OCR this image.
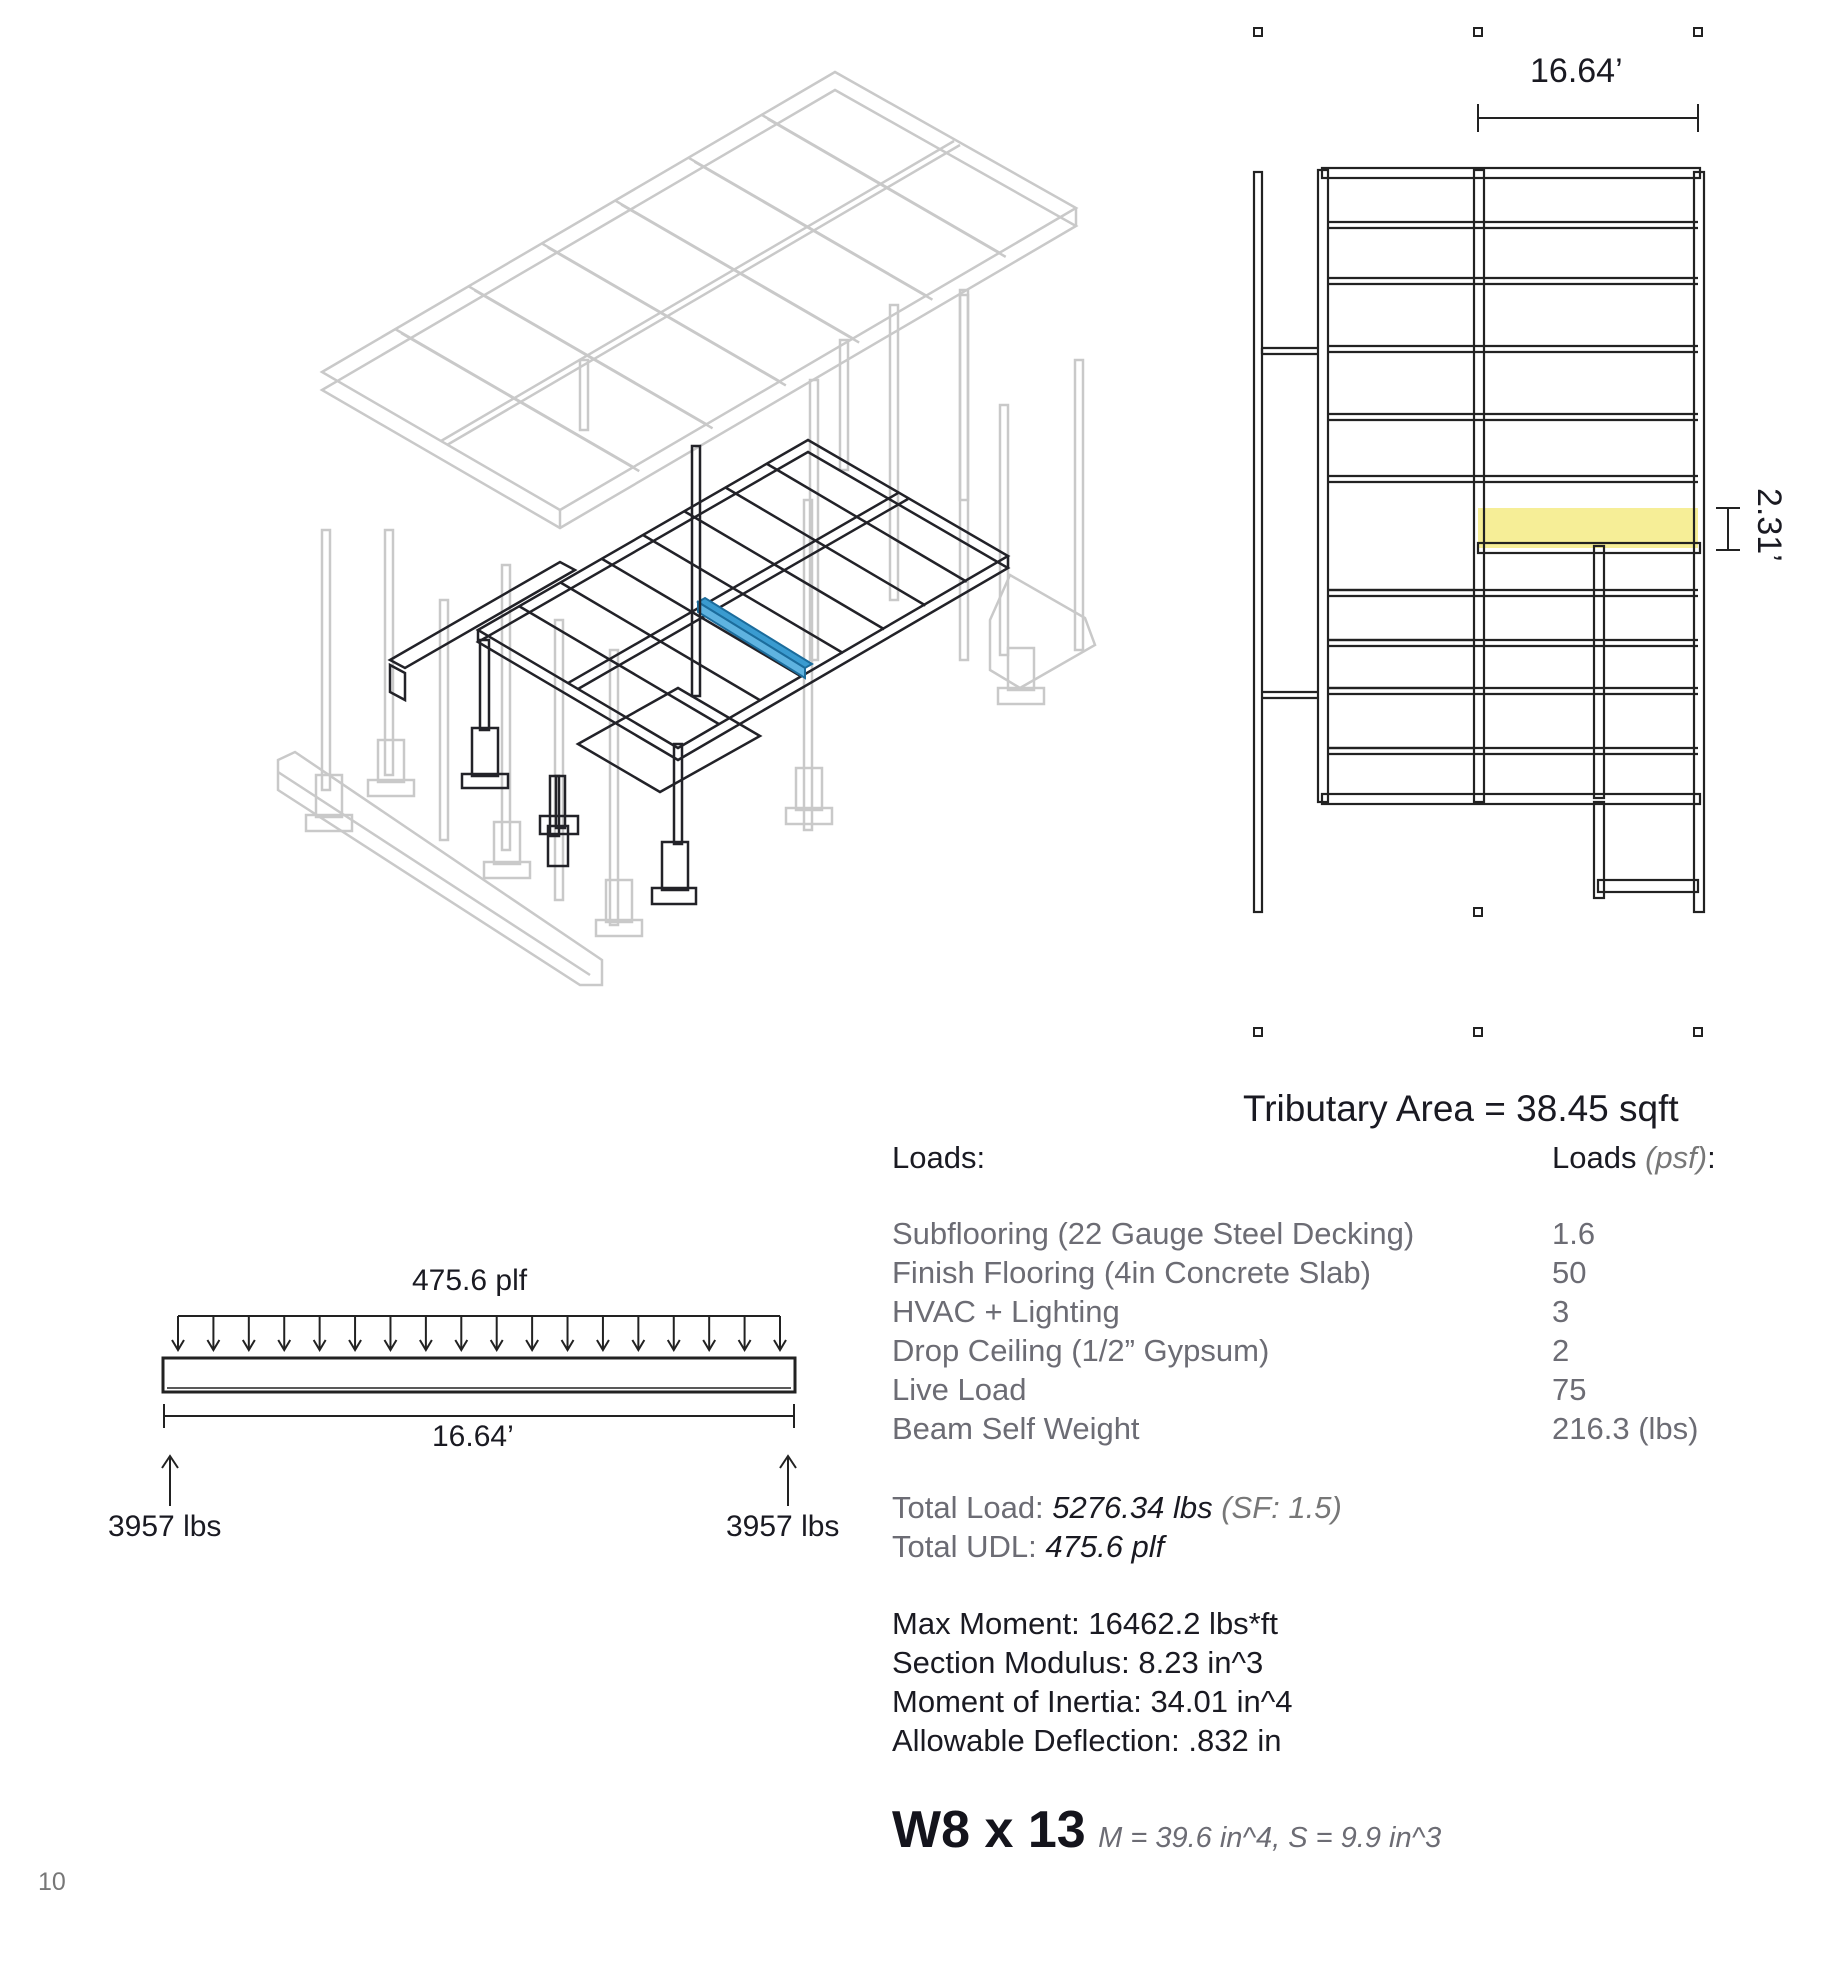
16.64’
2.31’
Tributary Area = 38.45 sqft
Loads:	Loads (psf):
Subflooring (22 Gauge Steel Decking)	1.6
Finish Flooring (4in Concrete Slab)	50
HVAC + Lighting	3
Drop Ceiling (1/2” Gypsum)	2
Live Load	75
Beam Self Weight	216.3 (lbs)
Total Load: 5276.34 lbs (SF: 1.5)
Total UDL: 475.6 plf
Max Moment: 16462.2 lbs*ft
Section Modulus: 8.23 in^3
Moment of Inertia: 34.01 in^4
Allowable Deflection: .832 in
W8 x 13 M = 39.6 in^4, S = 9.9 in^3
475.6 plf
16.64’
3957 lbs	3957 lbs
10
